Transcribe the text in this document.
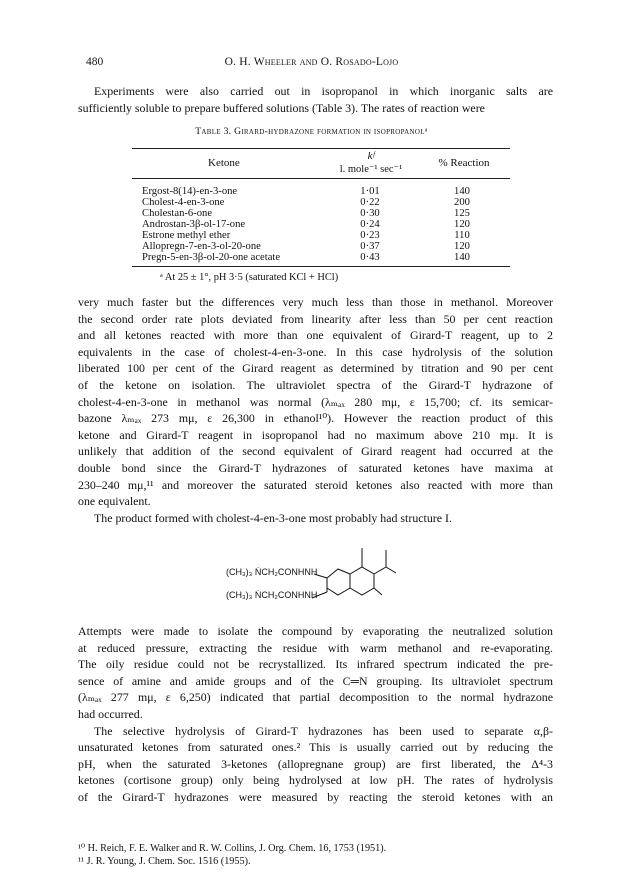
480	O. H. Wheeler and O. Rosado-Lojo
Experiments were also carried out in isopropanol in which inorganic salts are
sufficiently soluble to prepare buffered solutions (Table 3). The rates of reaction were
Table 3. Girard-hydrazone formation in isopropanolᵃ
Ketone
kᶠ
l. mole⁻¹ sec⁻¹
% Reaction
Ergost-8(14)-en-3-one	1·01	140
Cholest-4-en-3-one	0·22	200
Cholestan-6-one	0·30	125
Androstan-3β-ol-17-one	0·24	120
Estrone methyl ether	0·23	110
Allopregn-7-en-3-ol-20-one	0·37	120
Pregn-5-en-3β-ol-20-one acetate	0·43	140
ᵃ At 25 ± 1°, pH 3·5 (saturated KCl + HCl)
very much faster but the differences very much less than those in methanol. Moreover
the second order rate plots deviated from linearity after less than 50 per cent reaction
and all ketones reacted with more than one equivalent of Girard-T reagent, up to 2
equivalents in the case of cholest-4-en-3-one. In this case hydrolysis of the solution
liberated 100 per cent of the Girard reagent as determined by titration and 90 per cent
of the ketone on isolation. The ultraviolet spectra of the Girard-T hydrazone of
cholest-4-en-3-one in methanol was normal (λₘₐₓ 280 mμ, ε 15,700; cf. its semicar-
bazone λₘₐₓ 273 mμ, ε 26,300 in ethanol¹⁰). However the reaction product of this
ketone and Girard-T reagent in isopropanol had no maximum above 210 mμ. It is
unlikely that addition of the second equivalent of Girard reagent had occurred at the
double bond since the Girard-T hydrazones of saturated ketones have maxima at
230–240 mμ,¹¹ and moreover the saturated steroid ketones also reacted with more than
one equivalent.
The product formed with cholest-4-en-3-one most probably had structure I.
(CH₃)₃ ṄCH₂CONHNH
(CH₃)₃ ṄCH₂CONHNH
Attempts were made to isolate the compound by evaporating the neutralized solution
at reduced pressure, extracting the residue with warm methanol and re-evaporating.
The oily residue could not be recrystallized. Its infrared spectrum indicated the pre-
sence of amine and amide groups and of the C═N grouping. Its ultraviolet spectrum
(λₘₐₓ 277 mμ, ε 6,250) indicated that partial decomposition to the normal hydrazone
had occurred.
The selective hydrolysis of Girard-T hydrazones has been used to separate α,β-
unsaturated ketones from saturated ones.² This is usually carried out by reducing the
pH, when the saturated 3-ketones (allopregnane group) are first liberated, the Δ⁴-3
ketones (cortisone group) only being hydrolysed at low pH. The rates of hydrolysis
of the Girard-T hydrazones were measured by reacting the steroid ketones with an
¹⁰ H. Reich, F. E. Walker and R. W. Collins, J. Org. Chem. 16, 1753 (1951).
¹¹ J. R. Young, J. Chem. Soc. 1516 (1955).
